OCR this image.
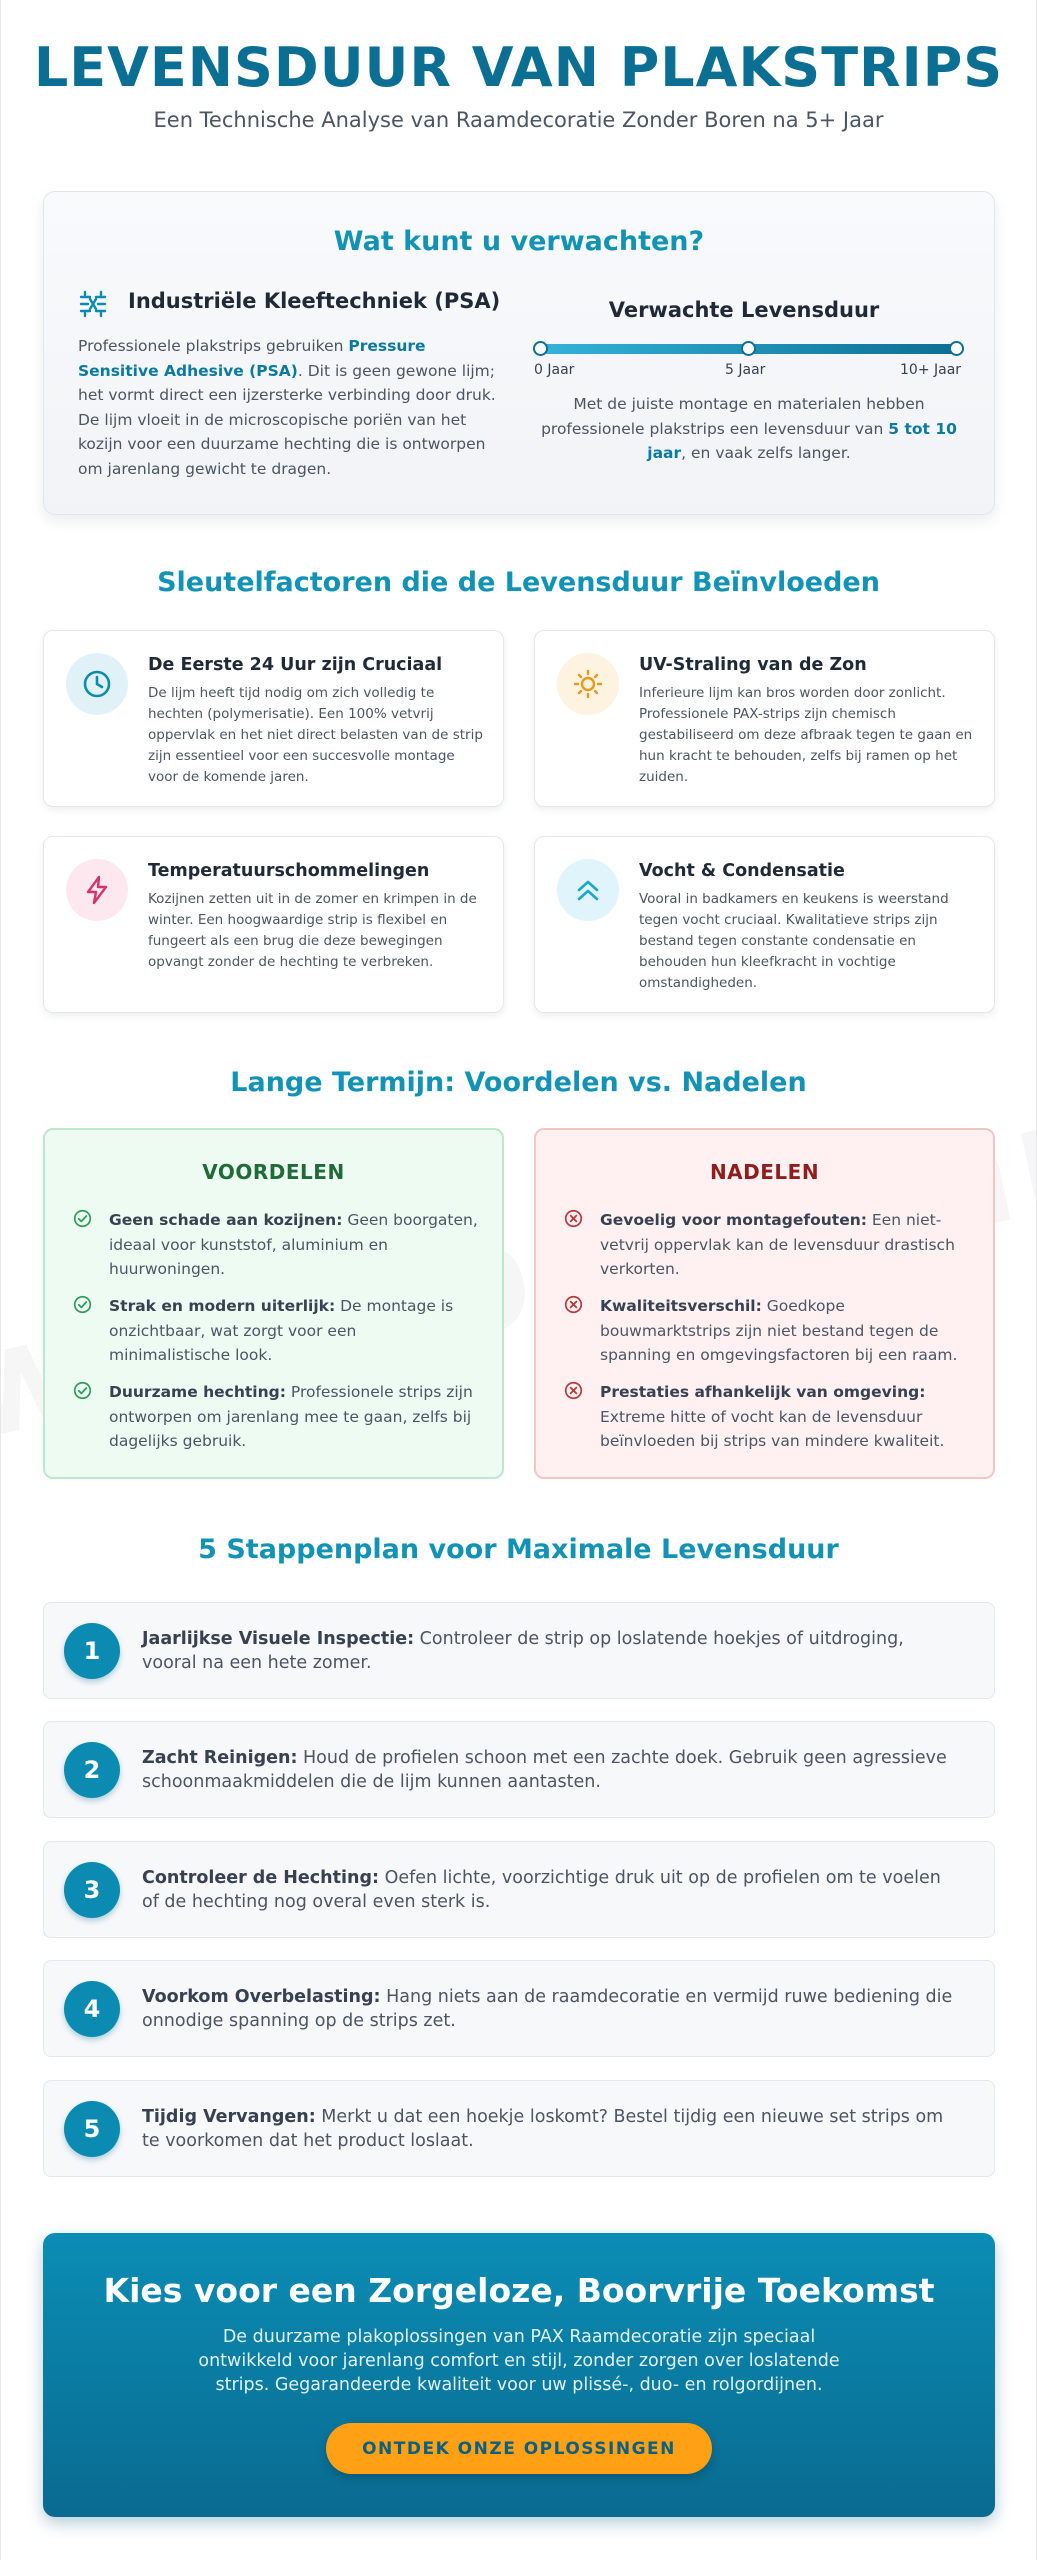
LEVENSDUUR VAN PLAKSTRIPS

Een Technische Analyse van Raamdecoratie Zonder Boren na 5+ Jaar

Wat kunt u verwachten?
Industriële Kleeftechniek (PSA)

Professionele plakstrips gebruiken Pressure Sensitive Adhesive (PSA). Dit is geen gewone lijm; het vormt direct een ijzersterke verbinding door druk. De lijm vloeit in de microscopische poriën van het kozijn voor een duurzame hechting die is ontworpen om jarenlang gewicht te dragen.

Verwachte Levensduur
0 Jaar	5 Jaar	10+ Jaar

Met de juiste montage en materialen hebben professionele plakstrips een levensduur van 5 tot 10 jaar, en vaak zelfs langer.

Sleutelfactoren die de Levensduur Beïnvloeden
De Eerste 24 Uur zijn Cruciaal

De lijm heeft tijd nodig om zich volledig te hechten (polymerisatie). Een 100% vetvrij oppervlak en het niet direct belasten van de strip zijn essentieel voor een succesvolle montage voor de komende jaren.

UV-Straling van de Zon

Inferieure lijm kan bros worden door zonlicht. Professionele PAX-strips zijn chemisch gestabiliseerd om deze afbraak tegen te gaan en hun kracht te behouden, zelfs bij ramen op het zuiden.

Temperatuurschommelingen

Kozijnen zetten uit in de zomer en krimpen in de winter. Een hoogwaardige strip is flexibel en fungeert als een brug die deze bewegingen opvangt zonder de hechting te verbreken.

Vocht & Condensatie

Vooral in badkamers en keukens is weerstand tegen vocht cruciaal. Kwalitatieve strips zijn bestand tegen constante condensatie en behouden hun kleefkracht in vochtige omstandigheden.

Lange Termijn: Voordelen vs. Nadelen
VOORDELEN

Geen schade aan kozijnen: Geen boorgaten, ideaal voor kunststof, aluminium en huurwoningen.

Strak en modern uiterlijk: De montage is onzichtbaar, wat zorgt voor een minimalistische look.

Duurzame hechting: Professionele strips zijn ontworpen om jarenlang mee te gaan, zelfs bij dagelijks gebruik.

NADELEN

Gevoelig voor montagefouten: Een niet-vetvrij oppervlak kan de levensduur drastisch verkorten.

Kwaliteitsverschil: Goedkope bouwmarktstrips zijn niet bestand tegen de spanning en omgevingsfactoren bij een raam.

Prestaties afhankelijk van omgeving: Extreme hitte of vocht kan de levensduur beïnvloeden bij strips van mindere kwaliteit.

5 Stappenplan voor Maximale Levensduur
1	Jaarlijkse Visuele Inspectie: Controleer de strip op loslatende hoekjes of uitdroging, vooral na een hete zomer.

2	Zacht Reinigen: Houd de profielen schoon met een zachte doek. Gebruik geen agressieve schoonmaakmiddelen die de lijm kunnen aantasten.

3	Controleer de Hechting: Oefen lichte, voorzichtige druk uit op de profielen om te voelen of de hechting nog overal even sterk is.

4	Voorkom Overbelasting: Hang niets aan de raamdecoratie en vermijd ruwe bediening die onnodige spanning op de strips zet.

5	Tijdig Vervangen: Merkt u dat een hoekje loskomt? Bestel tijdig een nieuwe set strips om te voorkomen dat het product loslaat.

Kies voor een Zorgeloze, Boorvrije Toekomst

De duurzame plakoplossingen van PAX Raamdecoratie zijn speciaal ontwikkeld voor jarenlang comfort en stijl, zonder zorgen over loslatende strips. Gegarandeerde kwaliteit voor uw plissé-, duo- en rolgordijnen.

ONTDEK ONZE OPLOSSINGEN
